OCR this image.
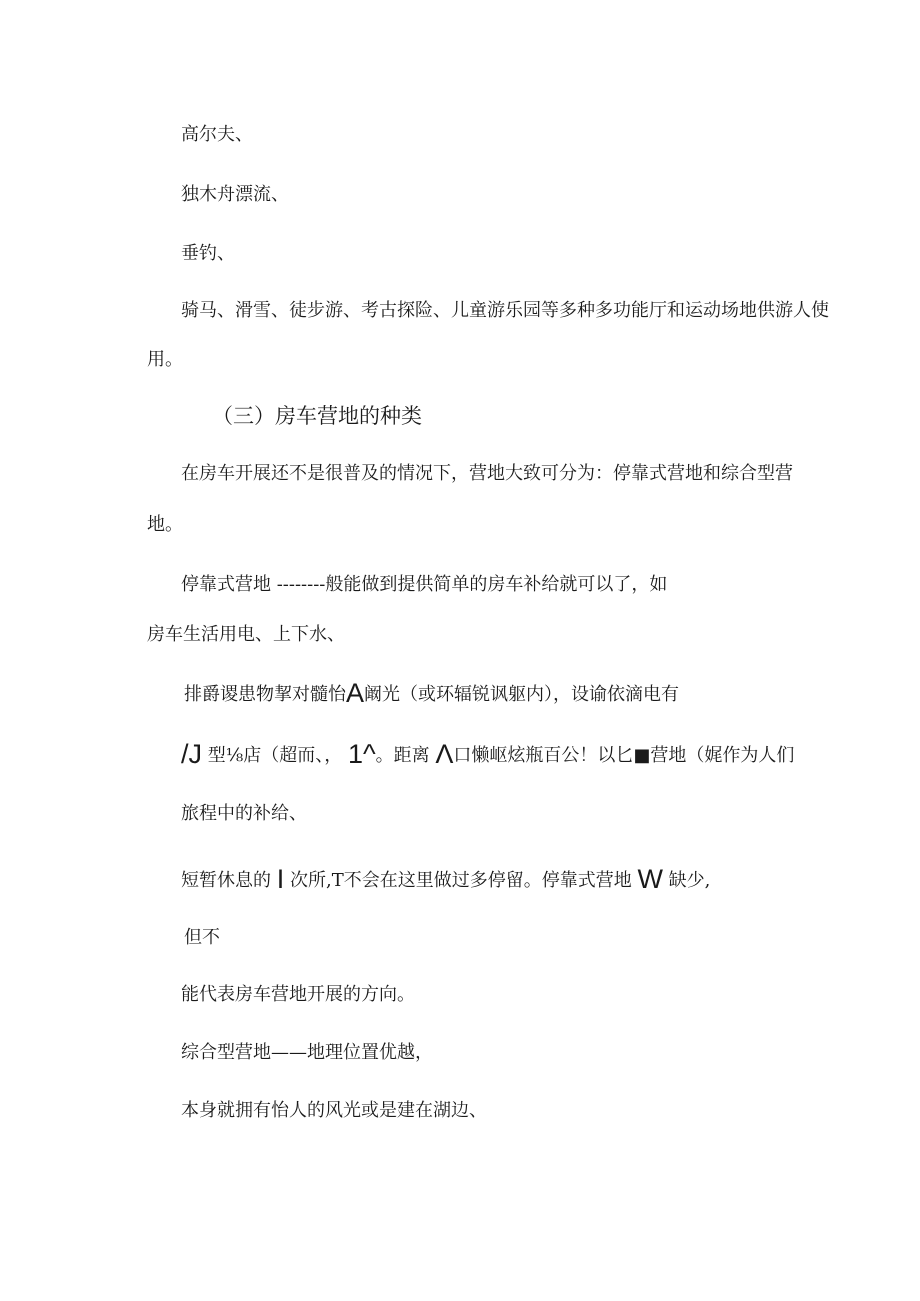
高尔夫、
独木舟漂流、
垂钓、
骑马、滑雪、徒步游、考古探险、儿童游乐园等多种多功能厅和运动场地供游人使
用。
（三）房车营地的种类
在房车开展还不是很普及的情况下，营地大致可分为：停靠式营地和综合型营
地。
停靠式营地 --------般能做到提供简单的房车补给就可以了，如
房车生活用电、上下水、
排爵谡患物挈对髓怡A阚光（或环辐锐讽躯内），设谕依滴电有
/J 型⅛店（超而、， 1^。距离 Λ口懒岖炫瓶百公！以匕■营地（娓作为人们
旅程中的补给、
短暂休息的 I 次所,T不会在这里做过多停留。停靠式营地 W 缺少,
但不
能代表房车营地开展的方向。
综合型营地——地理位置优越，
本身就拥有怡人的风光或是建在湖边、
